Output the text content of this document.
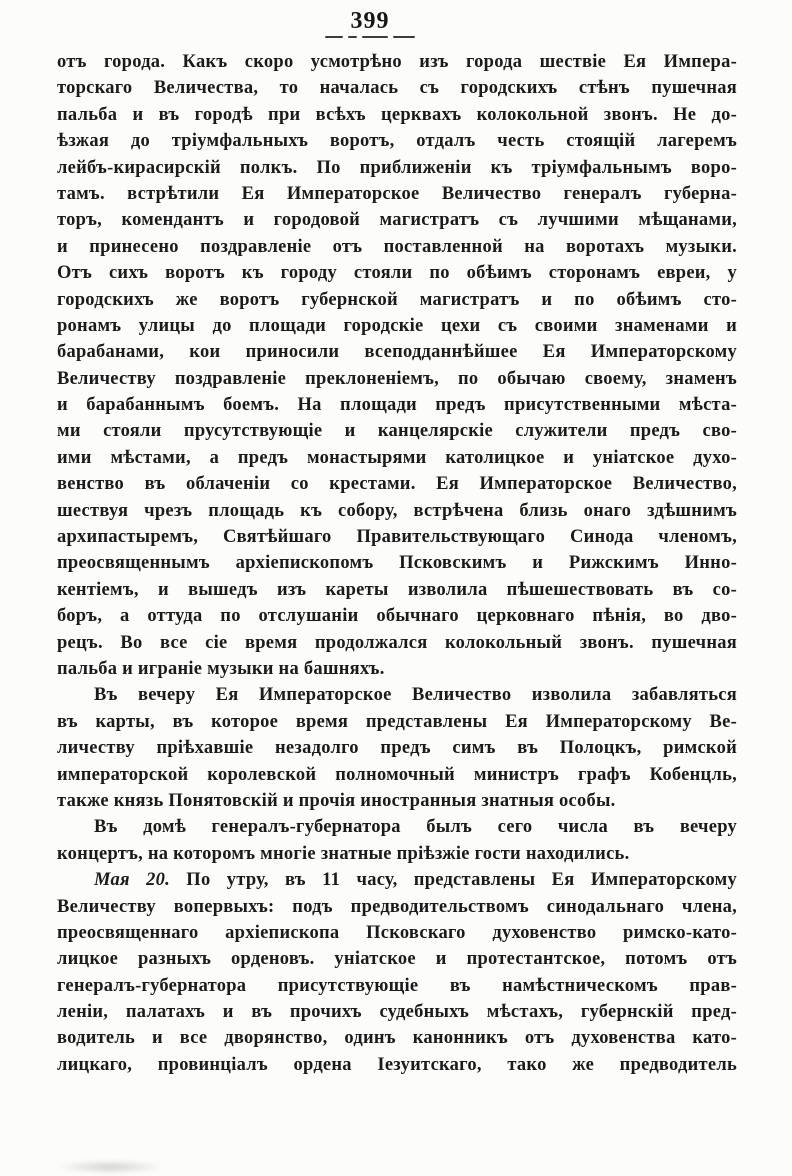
399
отъ города. Какъ скоро усмотрѣно изъ города шествіе Ея Импера-
торскаго Величества, то началась съ городскихъ стѣнъ пушечная
пальба и въ городѣ при всѣхъ церквахъ колокольной звонъ. Не до-
ѣзжая до тріумфальныхъ воротъ, отдалъ честь стоящій лагеремъ
лейбъ-кирасирскій полкъ. По приближеніи къ тріумфальнымъ воро-
тамъ. встрѣтили Ея Императорское Величество генералъ губерна-
торъ, комендантъ и городовой магистратъ съ лучшими мѣщанами,
и принесено поздравленіе отъ поставленной на воротахъ музыки.
Отъ сихъ воротъ къ городу стояли по обѣимъ сторонамъ евреи, у
городскихъ же воротъ губернской магистратъ и по обѣимъ сто-
ронамъ улицы до площади городскіе цехи съ своими знаменами и
барабанами, кои приносили всеподданнѣйшее Ея Императорскому
Величеству поздравленіе преклоненіемъ, по обычаю своему, знаменъ
и барабаннымъ боемъ. На площади предъ присутственными мѣста-
ми стояли прусутствующіе и канцелярскіе служители предъ сво-
ими мѣстами, а предъ монастырями католицкое и уніатское духо-
венство въ облаченіи со крестами. Ея Императорское Величество,
шествуя чрезъ площадь къ собору, встрѣчена близь онаго здѣшнимъ
архипастыремъ, Святѣйшаго Правительствующаго Синода членомъ,
преосвященнымъ архіепископомъ Псковскимъ и Рижскимъ Инно-
кентіемъ, и вышедъ изъ кареты изволила пѣшешествовать въ со-
боръ, а оттуда по отслушаніи обычнаго церковнаго пѣнія, во дво-
рецъ. Во все сіе время продолжался колокольный звонъ. пушечная
пальба и играніе музыки на башняхъ.
Въ вечеру Ея Императорское Величество изволила забавляться
въ карты, въ которое время представлены Ея Императорскому Ве-
личеству пріѣхавшіе незадолго предъ симъ въ Полоцкъ, римской
императорской королевской полномочный министръ графъ Кобенцль,
также князь Понятовскій и прочія иностранныя знатныя особы.
Въ домѣ генералъ-губернатора былъ сего числа въ вечеру
концертъ, на которомъ многіе знатные пріѣзжіе гости находились.
Мая 20. По утру, въ 11 часу, представлены Ея Императорскому
Величеству вопервыхъ: подъ предводительствомъ синодальнаго члена,
преосвященнаго архіепископа Псковскаго духовенство римско-като-
лицкое разныхъ орденовъ. уніатское и протестантское, потомъ отъ
генералъ-губернатора присутствующіе въ намѣстническомъ прав-
леніи, палатахъ и въ прочихъ судебныхъ мѣстахъ, губернскій пред-
водитель и все дворянство, одинъ канонникъ отъ духовенства като-
лицкаго, провинціалъ ордена Іезуитскаго, тако же предводитель
